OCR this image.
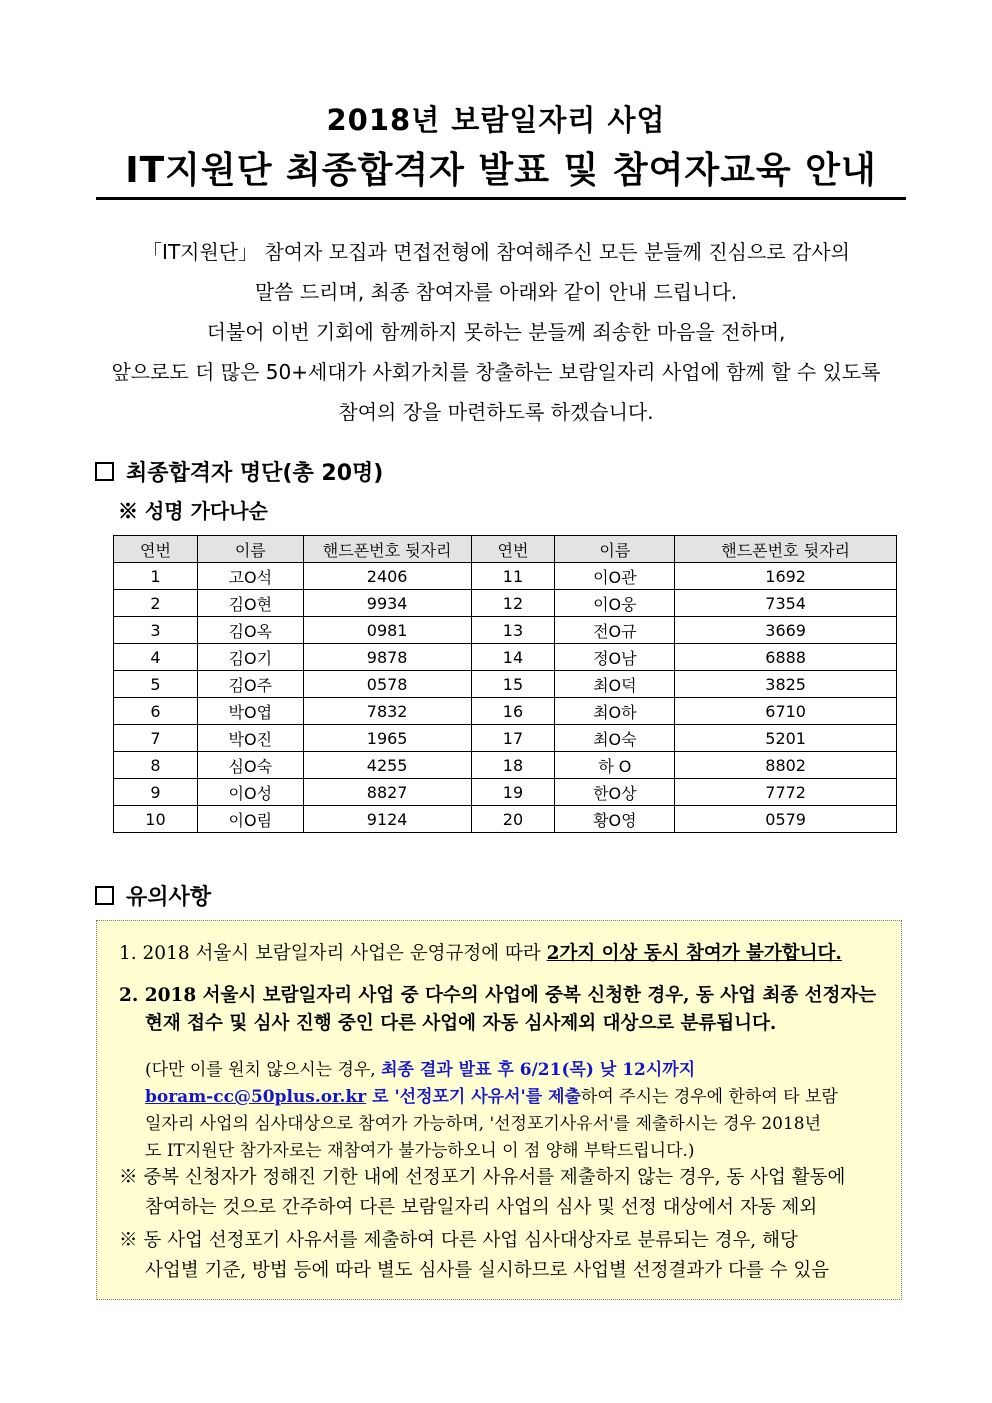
2018년 보람일자리 사업
IT지원단 최종합격자 발표 및 참여자교육 안내

「IT지원단」 참여자 모집과 면접전형에 참여해주신 모든 분들께 진심으로 감사의

말씀 드리며, 최종 참여자를 아래와 같이 안내 드립니다.

더불어 이번 기회에 함께하지 못하는 분들께 죄송한 마음을 전하며,

앞으로도 더 많은 50+세대가 사회가치를 창출하는 보람일자리 사업에 함께 할 수 있도록

참여의 장을 마련하도록 하겠습니다.

최종합격자 명단(총 20명)
※ 성명 가다나순
연번	이름	핸드폰번호 뒷자리	연번	이름	핸드폰번호 뒷자리
1	고O석	2406	11	이O관	1692
2	김O현	9934	12	이O웅	7354
3	김O옥	0981	13	전O규	3669
4	김O기	9878	14	정O남	6888
5	김O주	0578	15	최O덕	3825
6	박O엽	7832	16	최O하	6710
7	박O진	1965	17	최O숙	5201
8	심O숙	4255	18	하 O	8802
9	이O성	8827	19	한O상	7772
10	이O림	9124	20	황O영	0579
유의사항
1. 2018 서울시 보람일자리 사업은 운영규정에 따라 2가지 이상 동시 참여가 불가합니다.
2. 2018 서울시 보람일자리 사업 중 다수의 사업에 중복 신청한 경우, 동 사업 최종 선정자는
현재 접수 및 심사 진행 중인 다른 사업에 자동 심사제외 대상으로 분류됩니다.
(다만 이를 원치 않으시는 경우, 최종 결과 발표 후 6/21(목) 낮 12시까지
boram-cc@50plus.or.kr 로 '선정포기 사유서'를 제출하여 주시는 경우에 한하여 타 보람
일자리 사업의 심사대상으로 참여가 가능하며, '선정포기사유서'를 제출하시는 경우 2018년
도 IT지원단 참가자로는 재참여가 불가능하오니 이 점 양해 부탁드립니다.)
※ 중복 신청자가 정해진 기한 내에 선정포기 사유서를 제출하지 않는 경우, 동 사업 활동에
참여하는 것으로 간주하여 다른 보람일자리 사업의 심사 및 선정 대상에서 자동 제외
※ 동 사업 선정포기 사유서를 제출하여 다른 사업 심사대상자로 분류되는 경우, 해당
사업별 기준, 방법 등에 따라 별도 심사를 실시하므로 사업별 선정결과가 다를 수 있음
